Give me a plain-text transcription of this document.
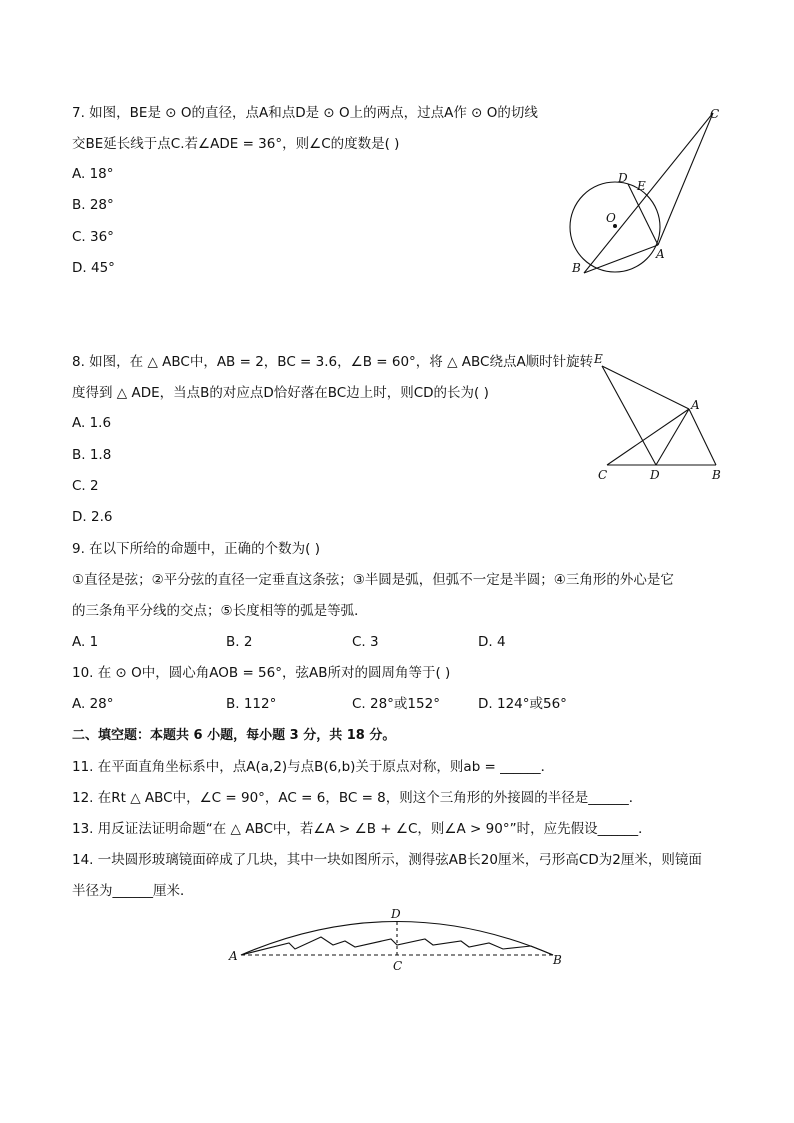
7. 如图，BE是 ⊙ O的直径，点A和点D是 ⊙ O上的两点，过点A作 ⊙ O的切线
交BE延长线于点C.若∠ADE = 36°，则∠C的度数是( )
A. 18°
B. 28°
C. 36°
D. 45°
C
D
E
O
A
B
8. 如图，在 △ ABC中，AB = 2，BC = 3.6，∠B = 60°，将 △ ABC绕点A顺时针旋转
度得到 △ ADE，当点B的对应点D恰好落在BC边上时，则CD的长为( )
A. 1.6
B. 1.8
C. 2
D. 2.6
E
A
C	D	B
9. 在以下所给的命题中，正确的个数为( )
①直径是弦；②平分弦的直径一定垂直这条弦；③半圆是弧，但弧不一定是半圆；④三角形的外心是它
的三条角平分线的交点；⑤长度相等的弧是等弧．
A. 1	B. 2	C. 3	D. 4
10. 在 ⊙ O中，圆心角AOB = 56°，弦AB所对的圆周角等于( )
A. 28°	B. 112°	C. 28°或152°	D. 124°或56°
二、填空题：本题共 6 小题，每小题 3 分，共 18 分。
11. 在平面直角坐标系中，点A(a,2)与点B(6,b)关于原点对称，则ab = ______．
12. 在Rt △ ABC中，∠C = 90°，AC = 6，BC = 8，则这个三角形的外接圆的半径是______．
13. 用反证法证明命题“在 △ ABC中，若∠A > ∠B + ∠C，则∠A > 90°”时，应先假设______．
14. 一块圆形玻璃镜面碎成了几块，其中一块如图所示，测得弦AB长20厘米，弓形高CD为2厘米，则镜面
半径为______厘米．
A	B
C
D
